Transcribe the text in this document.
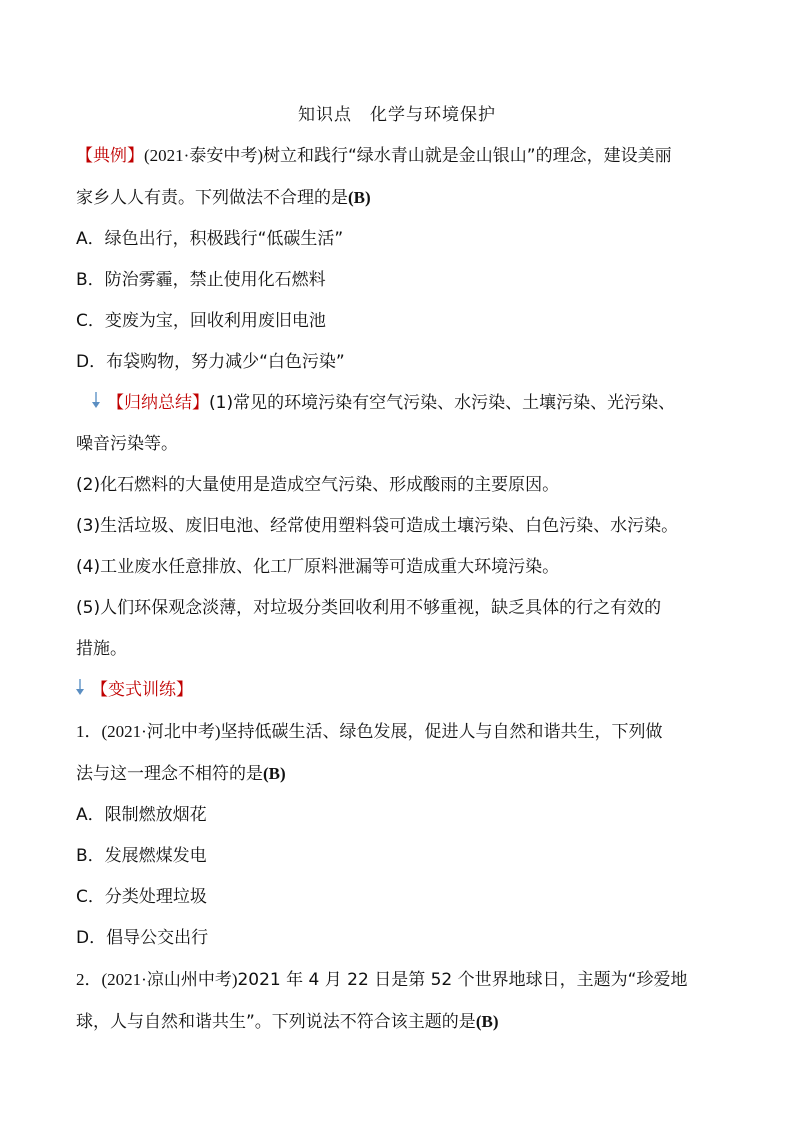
知识点　化学与环境保护

【典例】(2021·泰安中考)树立和践行“绿水青山就是金山银山”的理念，建设美丽

家乡人人有责。下列做法不合理的是(B)

A．绿色出行，积极践行“低碳生活”

B．防治雾霾，禁止使用化石燃料

C．变废为宝，回收利用废旧电池

D．布袋购物，努力减少“白色污染”

【归纳总结】(1)常见的环境污染有空气污染、水污染、土壤污染、光污染、

噪音污染等。

(2)化石燃料的大量使用是造成空气污染、形成酸雨的主要原因。

(3)生活垃圾、废旧电池、经常使用塑料袋可造成土壤污染、白色污染、水污染。

(4)工业废水任意排放、化工厂原料泄漏等可造成重大环境污染。

(5)人们环保观念淡薄，对垃圾分类回收利用不够重视，缺乏具体的行之有效的

措施。

【变式训练】

1．(2021·河北中考)坚持低碳生活、绿色发展，促进人与自然和谐共生，下列做

法与这一理念不相符的是(B)

A．限制燃放烟花

B．发展燃煤发电

C．分类处理垃圾

D．倡导公交出行

2．(2021·凉山州中考)2021 年 4 月 22 日是第 52 个世界地球日，主题为“珍爱地

球，人与自然和谐共生”。下列说法不符合该主题的是(B)
